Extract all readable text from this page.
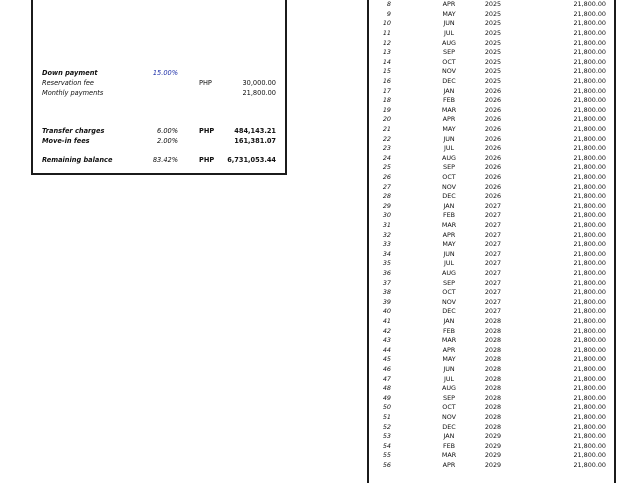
Down payment	15.00%
Reservation fee	PHP	30,000.00
Monthly payments	21,800.00
Transfer charges	6.00%	PHP	484,143.21
Move-in fees	2.00%	161,381.07
Remaining balance	83.42%	PHP 6,731,053.44
8	APR	2025	21,800.00
9	MAY	2025	21,800.00
10	JUN	2025	21,800.00
11	JUL	2025	21,800.00
12	AUG	2025	21,800.00
13	SEP	2025	21,800.00
14	OCT	2025	21,800.00
15	NOV	2025	21,800.00
16	DEC	2025	21,800.00
17	JAN	2026	21,800.00
18	FEB	2026	21,800.00
19	MAR	2026	21,800.00
20	APR	2026	21,800.00
21	MAY	2026	21,800.00
22	JUN	2026	21,800.00
23	JUL	2026	21,800.00
24	AUG	2026	21,800.00
25	SEP	2026	21,800.00
26	OCT	2026	21,800.00
27	NOV	2026	21,800.00
28	DEC	2026	21,800.00
29	JAN	2027	21,800.00
30	FEB	2027	21,800.00
31	MAR	2027	21,800.00
32	APR	2027	21,800.00
33	MAY	2027	21,800.00
34	JUN	2027	21,800.00
35	JUL	2027	21,800.00
36	AUG	2027	21,800.00
37	SEP	2027	21,800.00
38	OCT	2027	21,800.00
39	NOV	2027	21,800.00
40	DEC	2027	21,800.00
41	JAN	2028	21,800.00
42	FEB	2028	21,800.00
43	MAR	2028	21,800.00
44	APR	2028	21,800.00
45	MAY	2028	21,800.00
46	JUN	2028	21,800.00
47	JUL	2028	21,800.00
48	AUG	2028	21,800.00
49	SEP	2028	21,800.00
50	OCT	2028	21,800.00
51	NOV	2028	21,800.00
52	DEC	2028	21,800.00
53	JAN	2029	21,800.00
54	FEB	2029	21,800.00
55	MAR	2029	21,800.00
56	APR	2029	21,800.00
